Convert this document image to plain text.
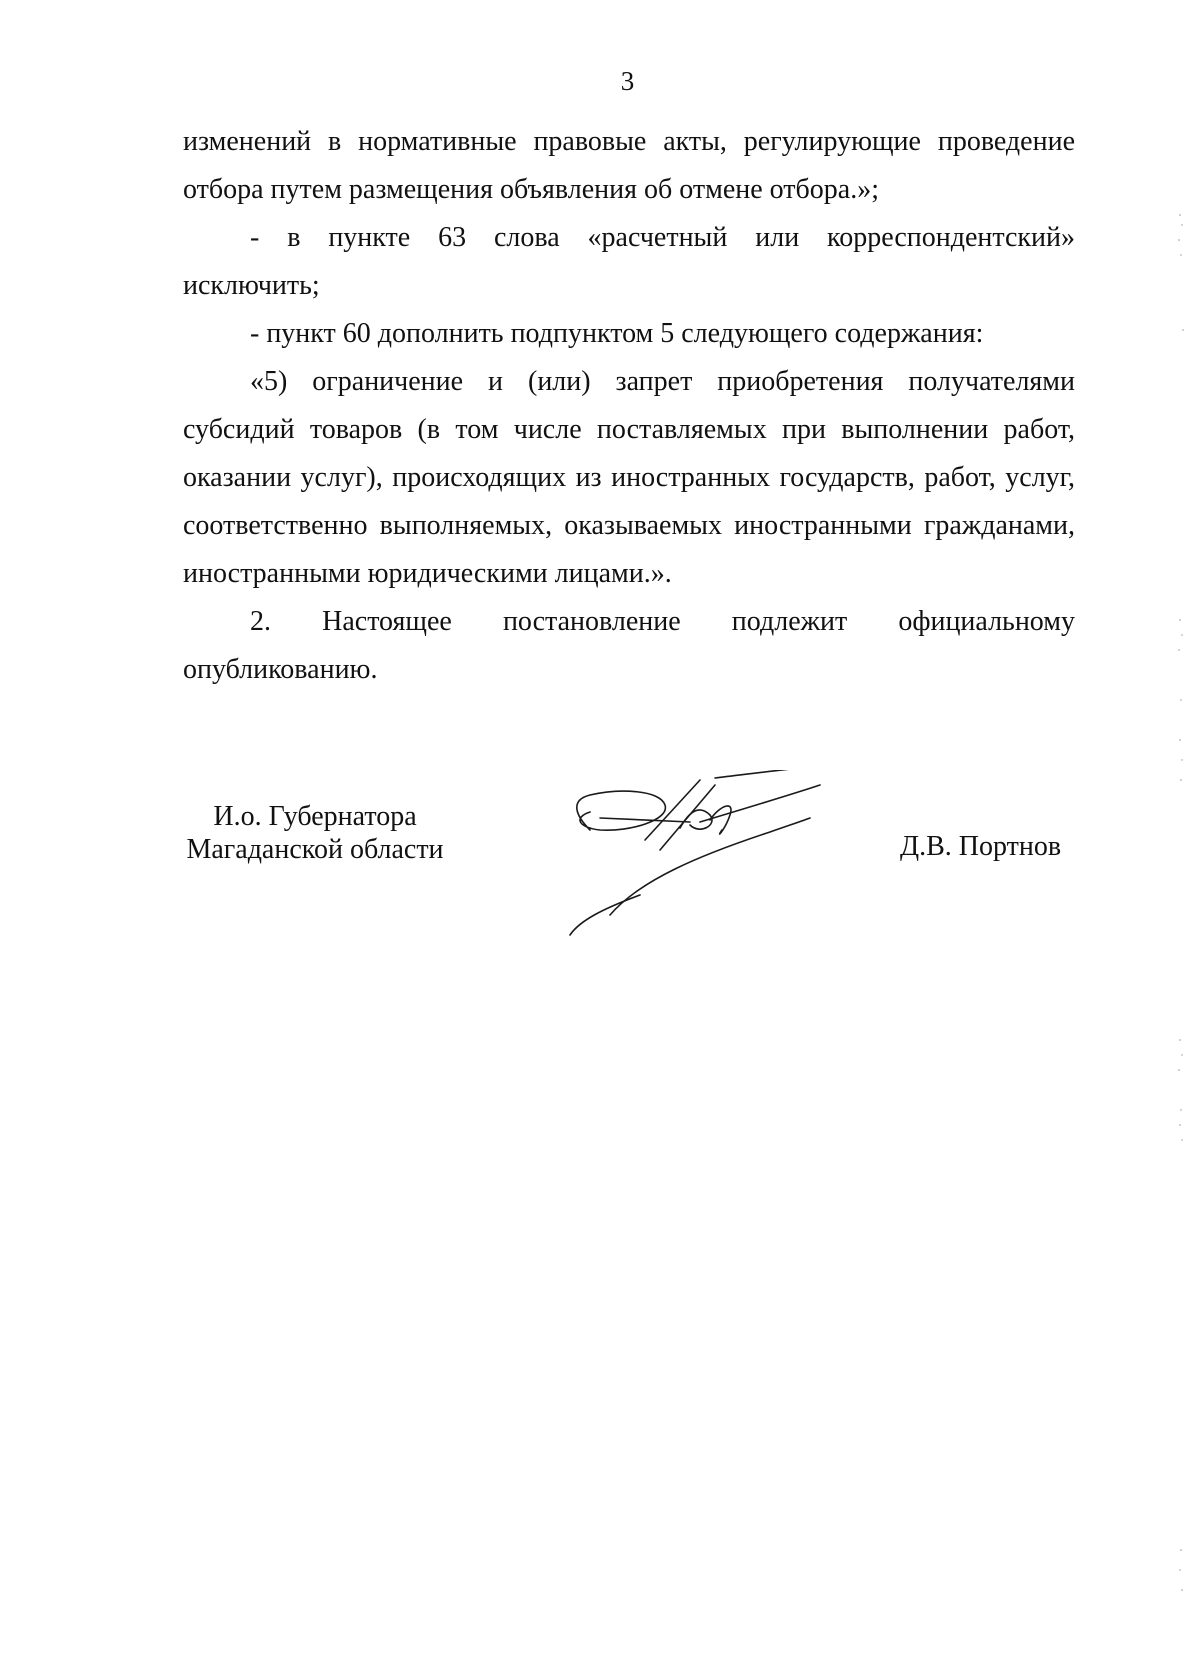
3

изменений в нормативные правовые акты, регулирующие проведение

отбора путем размещения объявления об отмене отбора.»;

- в пункте 63 слова «расчетный или корреспондентский»

исключить;

- пункт 60 дополнить подпунктом 5 следующего содержания:

«5) ограничение и (или) запрет приобретения получателями

субсидий товаров (в том числе поставляемых при выполнении работ,

оказании услуг), происходящих из иностранных государств, работ, услуг,

соответственно выполняемых, оказываемых иностранными гражданами,

иностранными юридическими лицами.».

2. Настоящее постановление подлежит официальному

опубликованию.

И.о. Губернатора
Магаданской области	Д.В. Портнов
